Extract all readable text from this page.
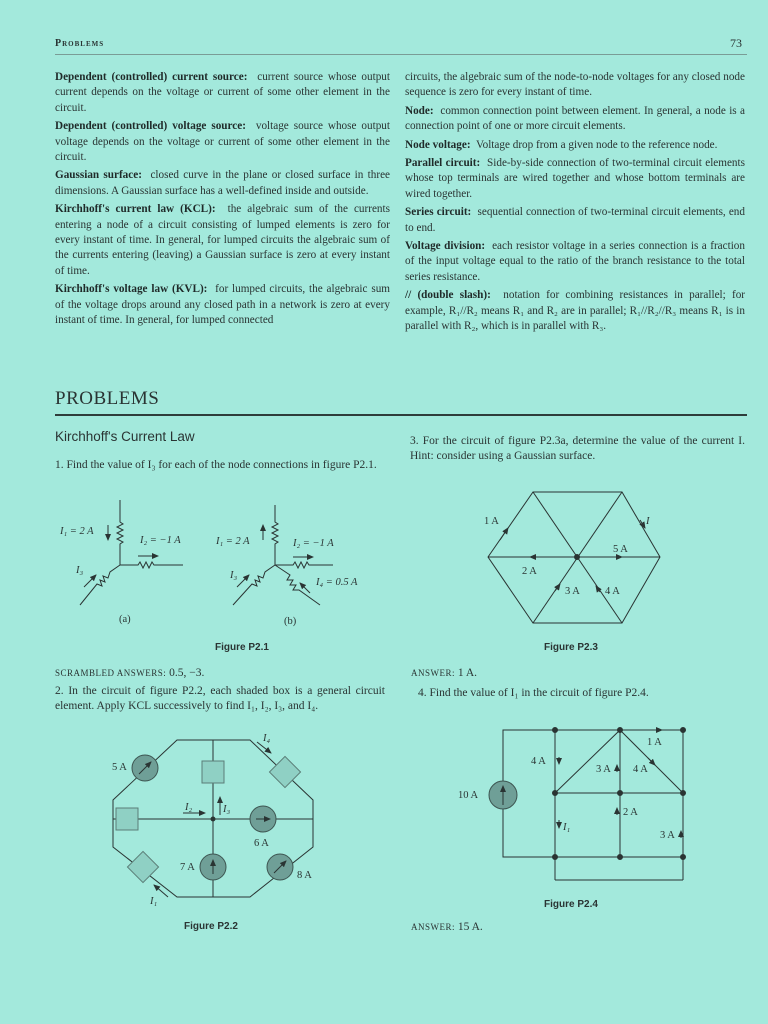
Problems	73

Dependent (controlled) current source: current source whose output current depends on the voltage or current of some other element in the circuit.

Dependent (controlled) voltage source: voltage source whose output voltage depends on the voltage or current of some other element in the circuit.

Gaussian surface: closed curve in the plane or closed surface in three dimensions. A Gaussian surface has a well-defined inside and outside.

Kirchhoff's current law (KCL): the algebraic sum of the currents entering a node of a circuit consisting of lumped elements is zero for every instant of time. In general, for lumped circuits the algebraic sum of the currents entering (leaving) a Gaussian surface is zero at every instant of time.

Kirchhoff's voltage law (KVL): for lumped circuits, the algebraic sum of the voltage drops around any closed path in a network is zero at every instant of time. In general, for lumped connected

circuits, the algebraic sum of the node-to-node voltages for any closed node sequence is zero for every instant of time.

Node: common connection point between element. In general, a node is a connection point of one or more circuit elements.

Node voltage: Voltage drop from a given node to the reference node.

Parallel circuit: Side-by-side connection of two-terminal circuit elements whose top terminals are wired together and whose bottom terminals are wired together.

Series circuit: sequential connection of two-terminal circuit elements, end to end.

Voltage division: each resistor voltage in a series connection is a fraction of the input voltage equal to the ratio of the branch resistance to the total series resistance.

// (double slash): notation for combining resistances in parallel; for example, R₁//R₂ means R₁ and R₂ are in parallel; R₁//R₂//R₃ means R₁ is in parallel with R₂, which is in parallel with R₃.

PROBLEMS
Kirchhoff's Current Law
1. Find the value of I₃ for each of the node connections in figure P2.1.
3. For the circuit of figure P2.3a, determine the value of the current I. Hint: consider using a Gaussian surface.
I₁ = 2 A
I₂ = −1 A
I₃
(a)
I₁ = 2 A	I₂ = −1 A
I₃
I₄ = 0.5 A
(b)
5 A
6 A
7 A
8 A
I₁
I₂	I₃
I₄
1 A	I
5 A
2 A
3 A 4 A
10 A
4 A
3 A 4 A
1 A
2 A
3 A
I₁
Figure P2.1	Figure P2.3
SCRAMBLED ANSWERS: 0.5, −3.	ANSWER: 1 A.
2. In the circuit of figure P2.2, each shaded box is a general circuit element. Apply KCL successively to find I₁, I₂, I₃, and I₄.
4. Find the value of I₁ in the circuit of figure P2.4.
Figure P2.2
Figure P2.4
ANSWER: 15 A.
